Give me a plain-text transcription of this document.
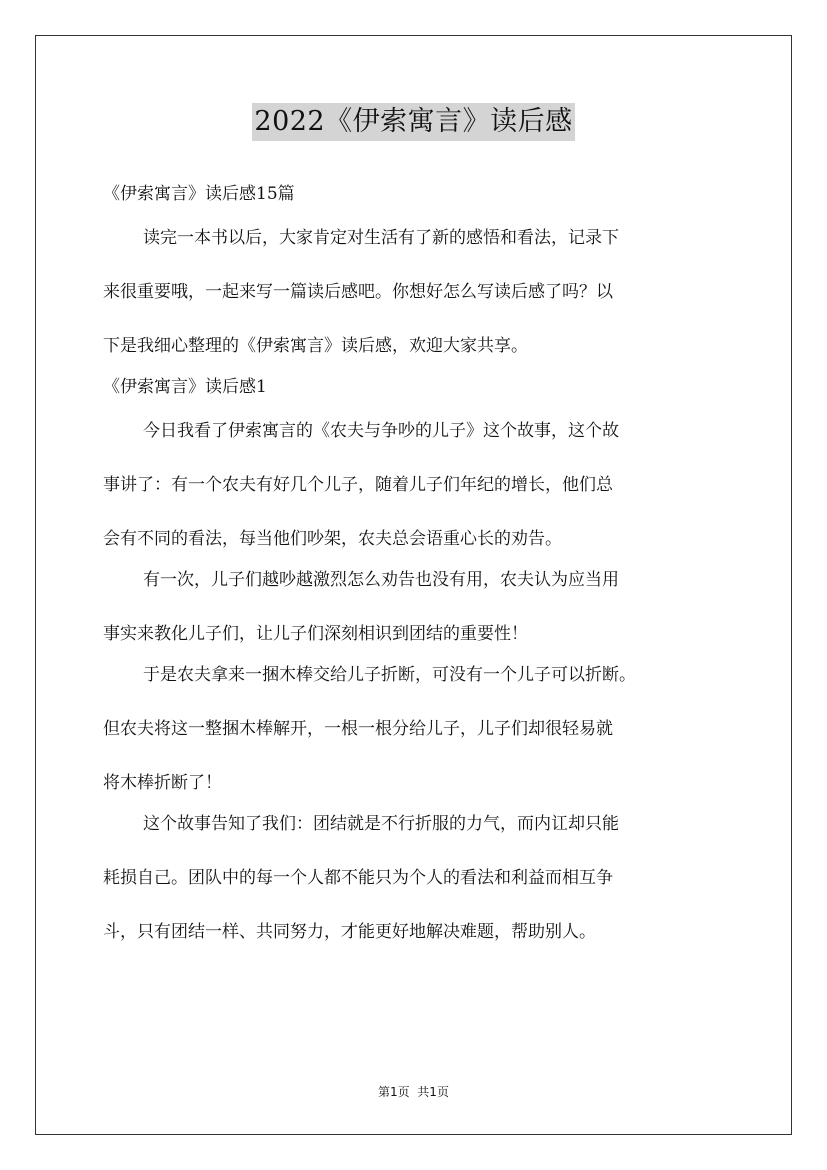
2022《伊索寓言》读后感
《伊索寓言》读后感15篇
读完一本书以后，大家肯定对生活有了新的感悟和看法，记录下
来很重要哦，一起来写一篇读后感吧。你想好怎么写读后感了吗？以
下是我细心整理的《伊索寓言》读后感，欢迎大家共享。
《伊索寓言》读后感1
今日我看了伊索寓言的《农夫与争吵的儿子》这个故事，这个故
事讲了：有一个农夫有好几个儿子，随着儿子们年纪的增长，他们总
会有不同的看法，每当他们吵架，农夫总会语重心长的劝告。
有一次，儿子们越吵越激烈怎么劝告也没有用，农夫认为应当用
事实来教化儿子们，让儿子们深刻相识到团结的重要性！
于是农夫拿来一捆木棒交给儿子折断，可没有一个儿子可以折断。
但农夫将这一整捆木棒解开，一根一根分给儿子，儿子们却很轻易就
将木棒折断了！
这个故事告知了我们：团结就是不行折服的力气，而内讧却只能
耗损自己。团队中的每一个人都不能只为个人的看法和利益而相互争
斗，只有团结一样、共同努力，才能更好地解决难题，帮助别人。
第1页  共1页
